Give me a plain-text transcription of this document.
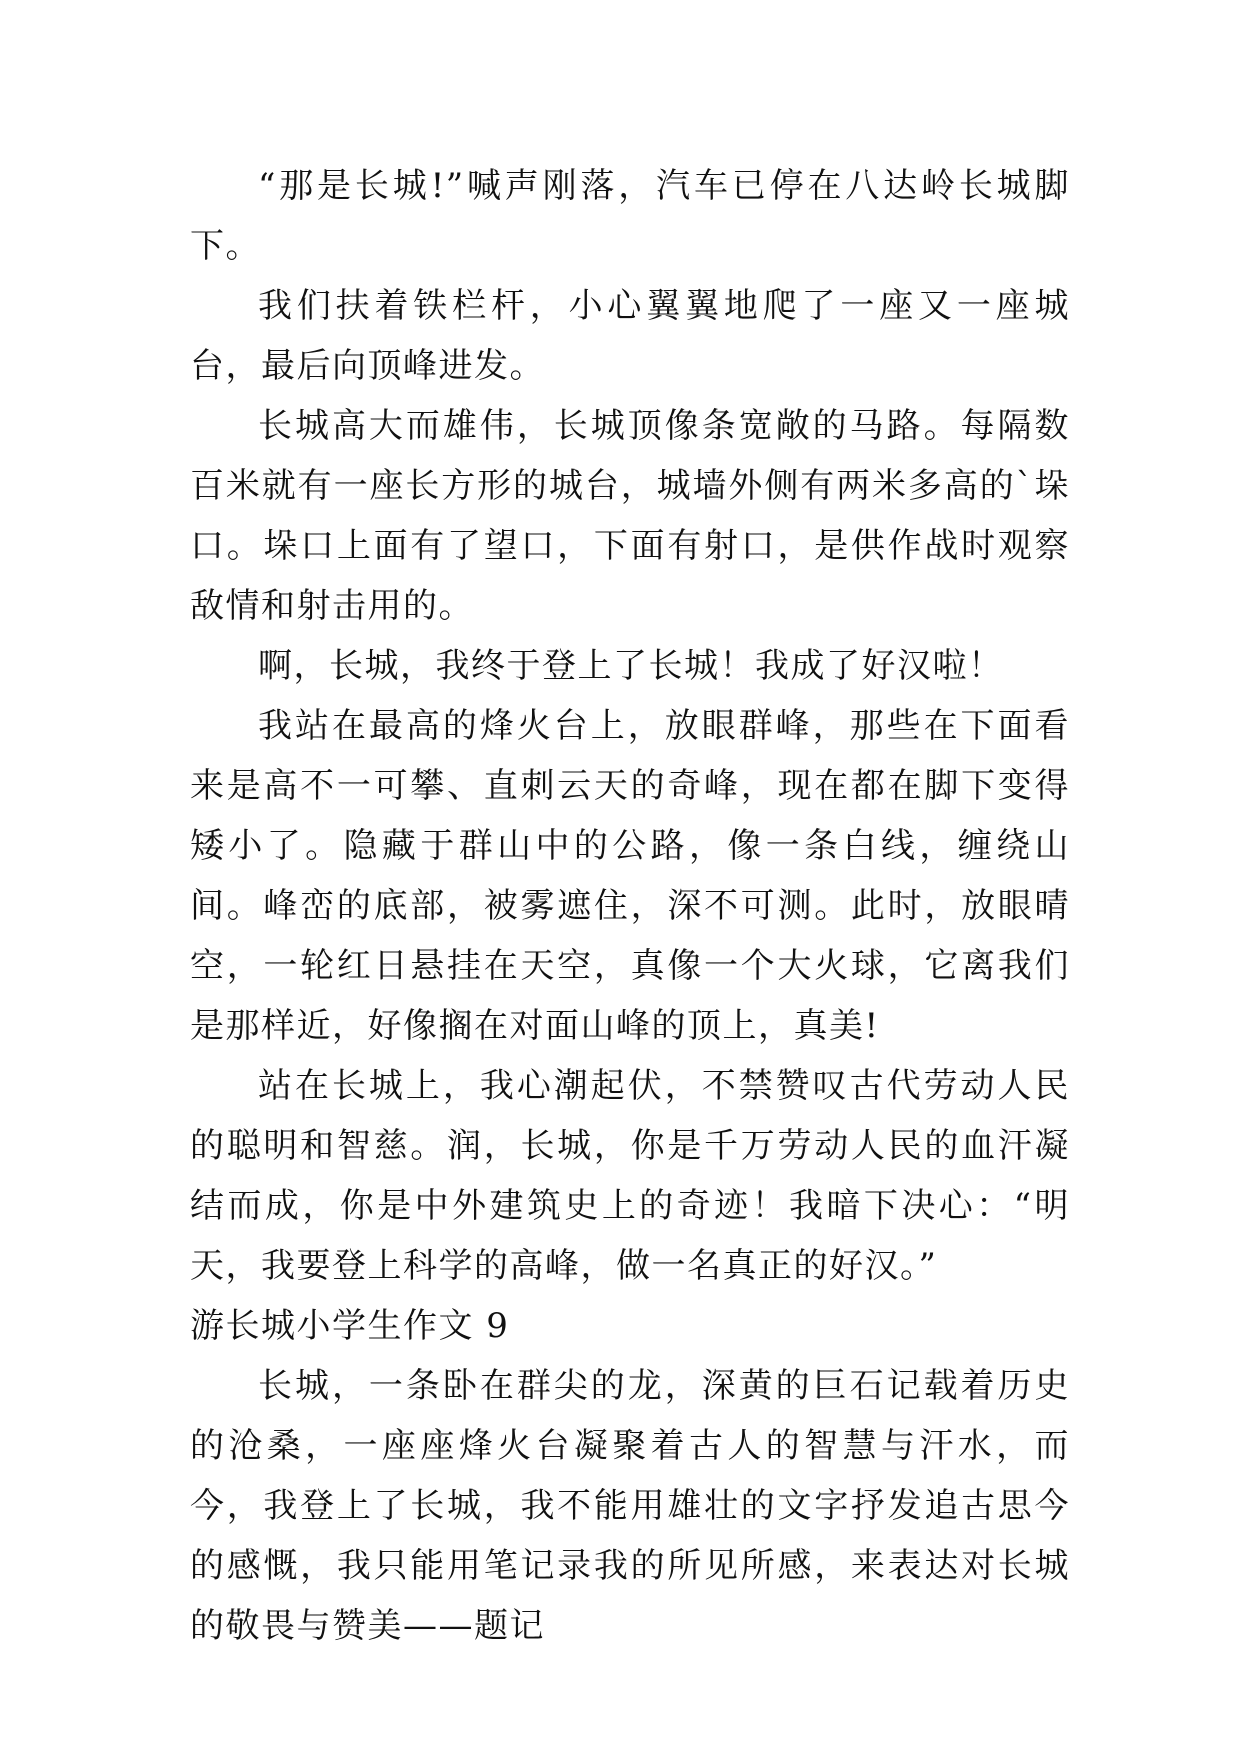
“那是长城!”喊声刚落，汽车已停在八达岭长城脚下。

我们扶着铁栏杆，小心翼翼地爬了一座又一座城台，最后向顶峰进发。

长城高大而雄伟，长城顶像条宽敞的马路。每隔数百米就有一座长方形的城台，城墙外侧有两米多高的`垛口。垛口上面有了望口，下面有射口，是供作战时观察敌情和射击用的。

啊，长城，我终于登上了长城！我成了好汉啦！

我站在最高的烽火台上，放眼群峰，那些在下面看来是高不一可攀、直刺云天的奇峰，现在都在脚下变得矮小了。隐藏于群山中的公路，像一条白线，缠绕山间。峰峦的底部，被雾遮住，深不可测。此时，放眼晴空，一轮红日悬挂在天空，真像一个大火球，它离我们是那样近，好像搁在对面山峰的顶上，真美!

站在长城上，我心潮起伏，不禁赞叹古代劳动人民的聪明和智慈。润，长城，你是千万劳动人民的血汗凝结而成，你是中外建筑史上的奇迹！我暗下决心：“明天，我要登上科学的高峰，做一名真正的好汉。”

游长城小学生作文 9

长城，一条卧在群尖的龙，深黄的巨石记载着历史的沧桑，一座座烽火台凝聚着古人的智慧与汗水，而今，我登上了长城，我不能用雄壮的文字抒发追古思今的感慨，我只能用笔记录我的所见所感，来表达对长城的敬畏与赞美——题记
